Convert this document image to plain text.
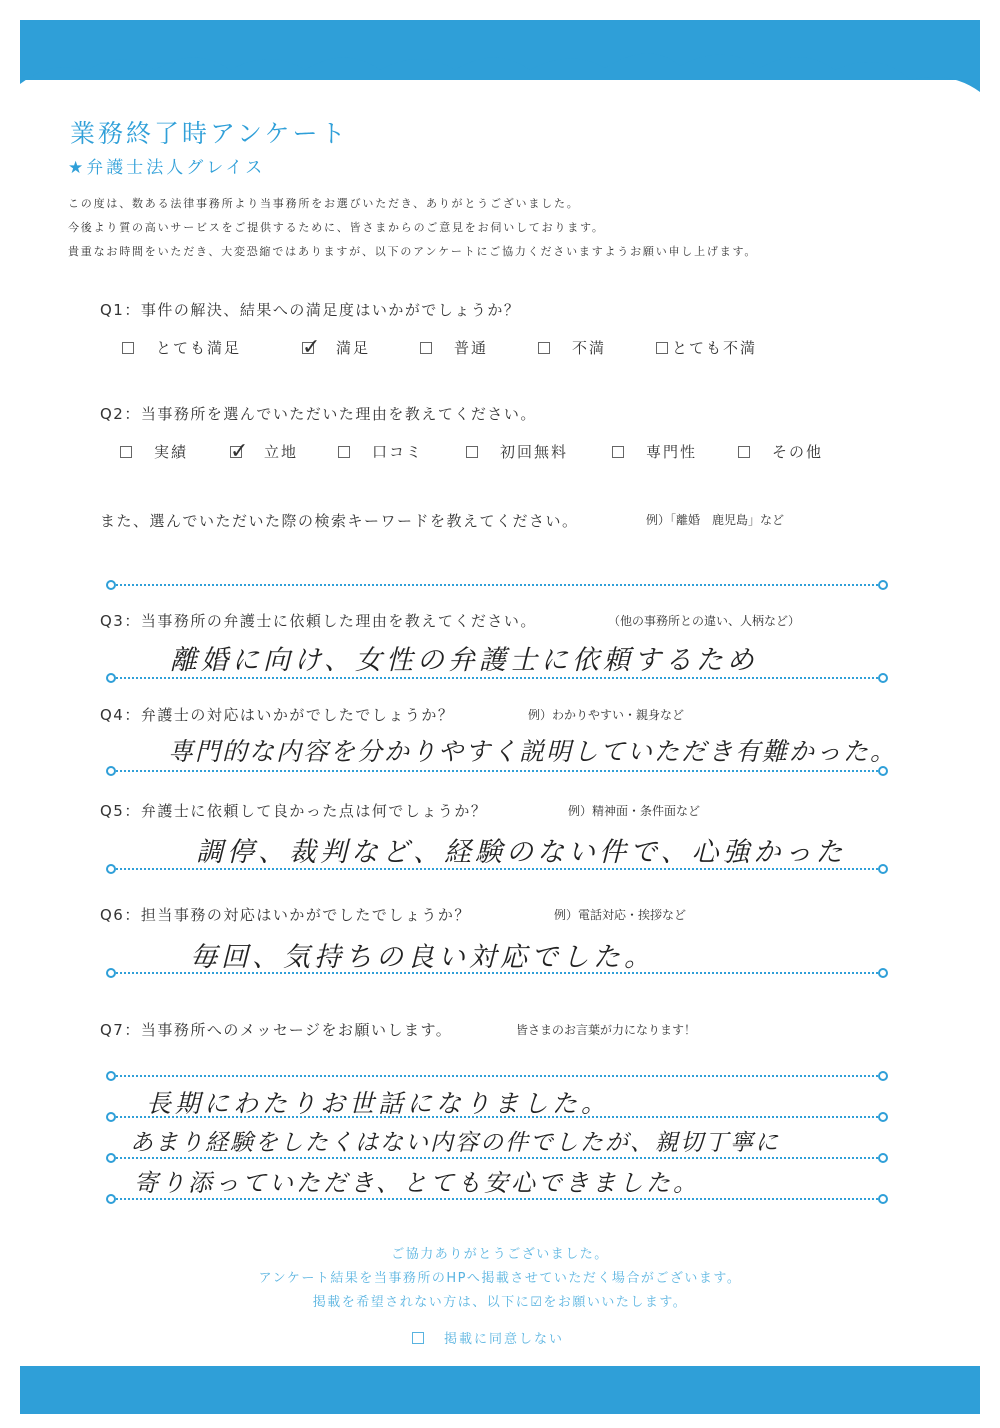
業務終了時アンケート
★弁護士法人グレイス
この度は、数ある法律事務所より当事務所をお選びいただき、ありがとうございました。
今後より質の高いサービスをご提供するために、皆さまからのご意見をお伺いしております。
貴重なお時間をいただき、大変恐縮ではありますが、以下のアンケートにご協力くださいますようお願い申し上げます。
Q1：事件の解決、結果への満足度はいかがでしょうか？
とても満足	✓ 満足	普通	不満	とても不満
Q2：当事務所を選んでいただいた理由を教えてください。
実績 ✓ 立地	口コミ	初回無料	専門性	その他
また、選んでいただいた際の検索キーワードを教えてください。	例）「離婚　鹿児島」など
Q3：当事務所の弁護士に依頼した理由を教えてください。	（他の事務所との違い、人柄など）
離婚に向け、女性の弁護士に依頼するため
Q4：弁護士の対応はいかがでしたでしょうか？	例）わかりやすい・親身など
専門的な内容を分かりやすく説明していただき有難かった。
Q5：弁護士に依頼して良かった点は何でしょうか？	例）精神面・条件面など
調停、裁判など、経験のない件で、心強かった
Q6：担当事務の対応はいかがでしたでしょうか？	例）電話対応・挨拶など
毎回、気持ちの良い対応でした。
Q7：当事務所へのメッセージをお願いします。	皆さまのお言葉が力になります！
長期にわたりお世話になりました。
あまり経験をしたくはない内容の件でしたが、親切丁寧に
寄り添っていただき、とても安心できました。
ご協力ありがとうございました。
アンケート結果を当事務所のHPへ掲載させていただく場合がございます。
掲載を希望されない方は、以下に☑をお願いいたします。
掲載に同意しない
